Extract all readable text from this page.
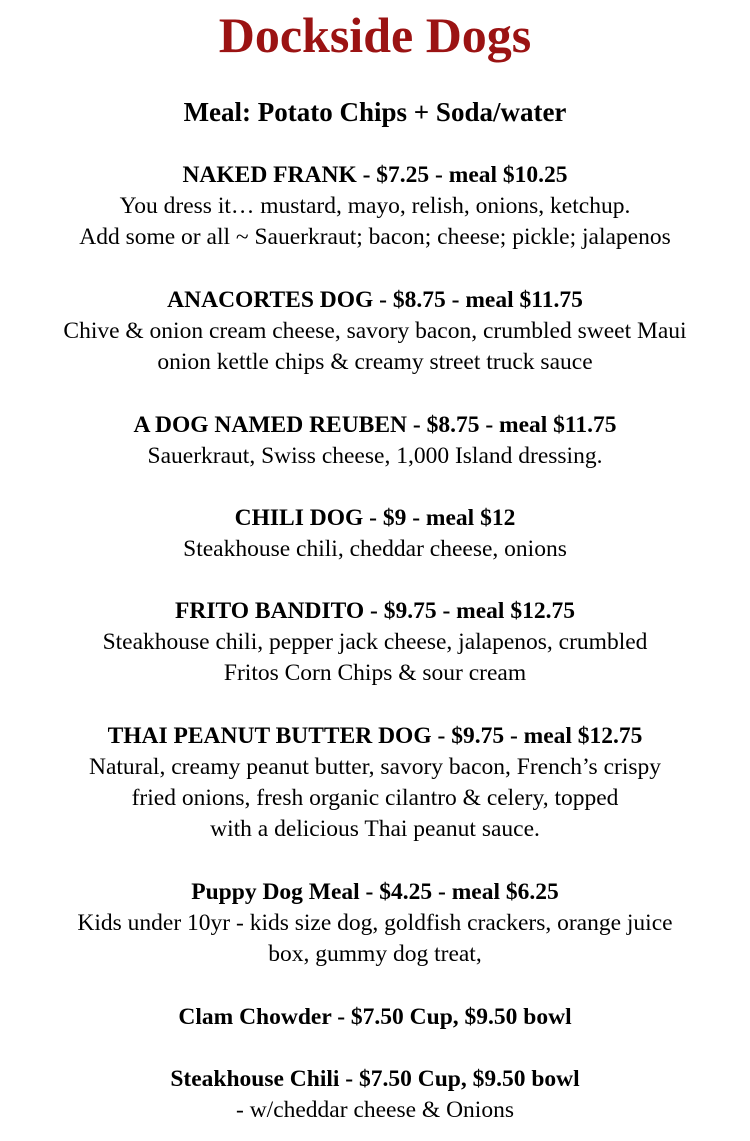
Dockside Dogs
Meal: Potato Chips + Soda/water
NAKED FRANK - $7.25 - meal $10.25
You dress it… mustard, mayo, relish, onions, ketchup.
Add some or all ~ Sauerkraut; bacon; cheese; pickle; jalapenos
ANACORTES DOG - $8.75 - meal $11.75
Chive & onion cream cheese, savory bacon, crumbled sweet Maui
onion kettle chips & creamy street truck sauce
A DOG NAMED REUBEN - $8.75 - meal $11.75
Sauerkraut, Swiss cheese, 1,000 Island dressing.
CHILI DOG - $9 - meal $12
Steakhouse chili, cheddar cheese, onions
FRITO BANDITO - $9.75 - meal $12.75
Steakhouse chili, pepper jack cheese, jalapenos, crumbled
Fritos Corn Chips & sour cream
THAI PEANUT BUTTER DOG - $9.75 - meal $12.75
Natural, creamy peanut butter, savory bacon, French’s crispy
fried onions, fresh organic cilantro & celery, topped
with a delicious Thai peanut sauce.
Puppy Dog Meal - $4.25 - meal $6.25
Kids under 10yr - kids size dog, goldfish crackers, orange juice
box, gummy dog treat,
Clam Chowder - $7.50 Cup, $9.50 bowl
Steakhouse Chili - $7.50 Cup, $9.50 bowl
- w/cheddar cheese & Onions
